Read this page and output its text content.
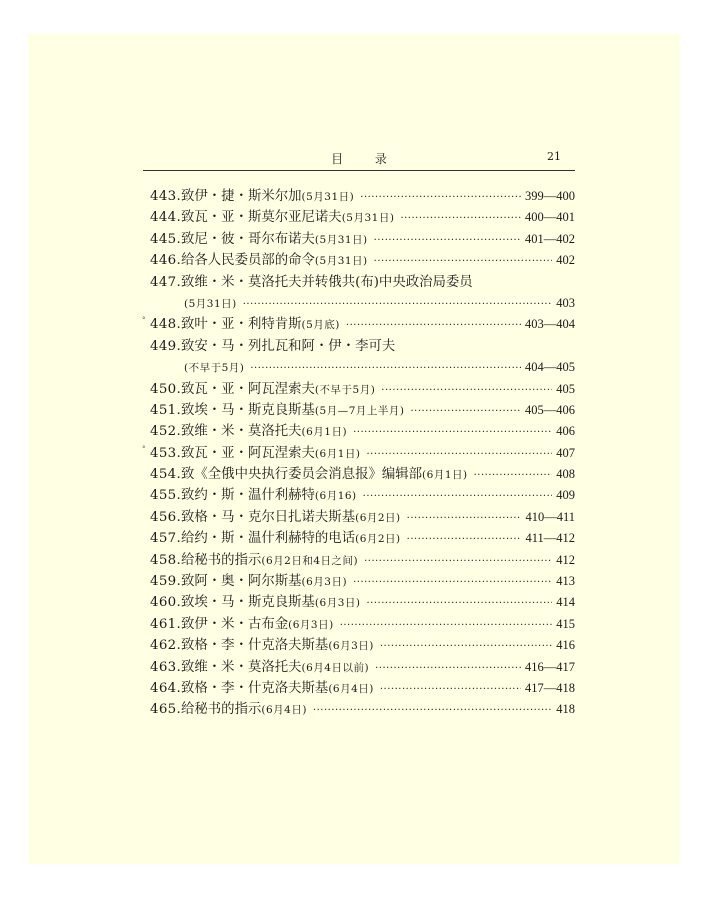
目 录	21
443. 致伊・捷・斯米尔加 (5月31日) ·····	399—400
444. 致瓦・亚・斯莫尔亚尼诺夫 (5月31日) ·····	400—401
445. 致尼・彼・哥尔布诺夫 (5月31日) ·····	401—402
446. 给各人民委员部的命令 (5月31日) ·····	402
447. 致维・米・莫洛托夫并转俄共(布)中央政治局委员
(5月31日) ·····	403
448. 致叶・亚・利特肯斯 (5月底) ·····	403—404
°
449. 致安・马・列扎瓦和阿・伊・李可夫
(不早于5月) ·····	404—405
450. 致瓦・亚・阿瓦涅索夫 (不早于5月) ·····	405
451. 致埃・马・斯克良斯基 (5月—7月上半月) ·····	405—406
452. 致维・米・莫洛托夫 (6月1日) ·····	406
453. 致瓦・亚・阿瓦涅索夫 (6月1日) ·····	407
°
454. 致《全俄中央执行委员会消息报》编辑部 (6月1日) ·····	408
455. 致约・斯・温什利赫特 (6月16) ·····	409
456. 致格・马・克尔日扎诺夫斯基 (6月2日) ·····	410—411
457. 给约・斯・温什利赫特的电话 (6月2日) ·····	411—412
458. 给秘书的指示 (6月2日和4日之间) ·····	412
459. 致阿・奥・阿尔斯基 (6月3日) ·····	413
460. 致埃・马・斯克良斯基 (6月3日) ·····	414
461. 致伊・米・古布金 (6月3日) ·····	415
462. 致格・李・什克洛夫斯基 (6月3日) ·····	416
463. 致维・米・莫洛托夫 (6月4日以前) ·····	416—417
464. 致格・李・什克洛夫斯基 (6月4日) ·····	417—418
465. 给秘书的指示 (6月4日) ·····	418
